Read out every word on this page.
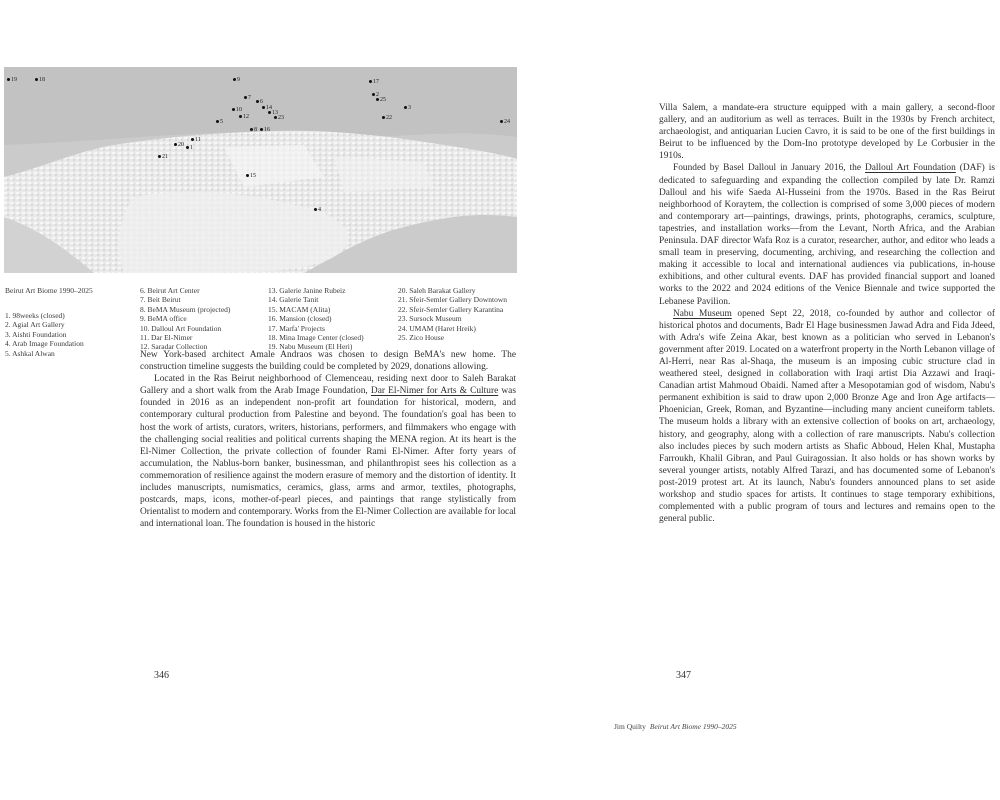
19	18	9
7
17
2
6	25
10	14
13
12
16
11
1
24
20
21
22
3
15
4
5
8
23
Beirut Art Biome 1990–2025
1. 98weeks (closed)
2. Agial Art Gallery
3. Aishti Foundation
4. Arab Image Foundation
5. Ashkal Alwan
6. Beirut Art Center
7. Beit Beirut
8. BeMA Museum (projected)
9. BeMA office
10. Dalloul Art Foundation
11. Dar El-Nimer
12. Saradar Collection
13. Galerie Janine Rubeiz
14. Galerie Tanit
15. MACAM (Alita)
16. Mansion (closed)
17. Marfa' Projects
18. Mina Image Center (closed)
19. Nabu Museum (El Heri)
20. Saleh Barakat Gallery
21. Sfeir-Semler Gallery Downtown
22. Sfeir-Semler Gallery Karantina
23. Sursock Museum
24. UMAM (Haret Hreik)
25. Zico House

New York-based architect Amale Andraos was chosen to design BeMA's new home. The construction timeline suggests the building could be completed by 2029, donations allowing.

Located in the Ras Beirut neighborhood of Clemenceau, residing next door to Saleh Barakat Gallery and a short walk from the Arab Image Foundation, Dar El-Nimer for Arts & Culture was founded in 2016 as an independent non-profit art foundation for historical, modern, and contemporary cultural production from Palestine and beyond. The foundation's goal has been to host the work of artists, curators, writers, historians, performers, and filmmakers who engage with the challenging social realities and political currents shaping the MENA region. At its heart is the El-Nimer Collection, the private collection of founder Rami El-Nimer. After forty years of accumulation, the Nablus-born banker, businessman, and philanthropist sees his collection as a commemoration of resilience against the modern erasure of memory and the distortion of identity. It includes manuscripts, numismatics, ceramics, glass, arms and armor, textiles, photographs, postcards, maps, icons, mother-of-pearl pieces, and paintings that range stylistically from Orientalist to modern and contemporary. Works from the El-Nimer Collection are available for local and international loan. The foundation is housed in the historic

346

Villa Salem, a mandate-era structure equipped with a main gallery, a second-floor gallery, and an auditorium as well as terraces. Built in the 1930s by French architect, archaeologist, and antiquarian Lucien Cavro, it is said to be one of the first buildings in Beirut to be influenced by the Dom-Ino prototype developed by Le Corbusier in the 1910s.

Founded by Basel Dalloul in January 2016, the Dalloul Art Foundation (DAF) is dedicated to safeguarding and expanding the collection compiled by late Dr. Ramzi Dalloul and his wife Saeda Al-Husseini from the 1970s. Based in the Ras Beirut neighborhood of Koraytem, the collection is comprised of some 3,000 pieces of modern and contemporary art—paintings, drawings, prints, photographs, ceramics, sculpture, tapestries, and installation works—from the Levant, North Africa, and the Arabian Peninsula. DAF director Wafa Roz is a curator, researcher, author, and editor who leads a small team in preserving, documenting, archiving, and researching the collection and making it accessible to local and international audiences via publications, in-house exhibitions, and other cultural events. DAF has provided financial support and loaned works to the 2022 and 2024 editions of the Venice Biennale and twice supported the Lebanese Pavilion.

Nabu Museum opened Sept 22, 2018, co-founded by author and collector of historical photos and documents, Badr El Hage businessmen Jawad Adra and Fida Jdeed, with Adra's wife Zeina Akar, best known as a politician who served in Lebanon's government after 2019. Located on a waterfront property in the North Lebanon village of Al-Herri, near Ras al-Shaqa, the museum is an imposing cubic structure clad in weathered steel, designed in collaboration with Iraqi artist Dia Azzawi and Iraqi-Canadian artist Mahmoud Obaidi. Named after a Mesopotamian god of wisdom, Nabu's permanent exhibition is said to draw upon 2,000 Bronze Age and Iron Age artifacts—Phoenician, Greek, Roman, and Byzantine—including many ancient cuneiform tablets. The museum holds a library with an extensive collection of books on art, archaeology, history, and geography, along with a collection of rare manuscripts. Nabu's collection also includes pieces by such modern artists as Shafic Abboud, Helen Khal, Mustapha Farroukh, Khalil Gibran, and Paul Guiragossian. It also holds or has shown works by several younger artists, notably Alfred Tarazi, and has documented some of Lebanon's post-2019 protest art. At its launch, Nabu's founders announced plans to set aside workshop and studio spaces for artists. It continues to stage temporary exhibitions, complemented with a public program of tours and lectures and remains open to the general public.

347
Jim Quilty Beirut Art Biome 1990–2025
